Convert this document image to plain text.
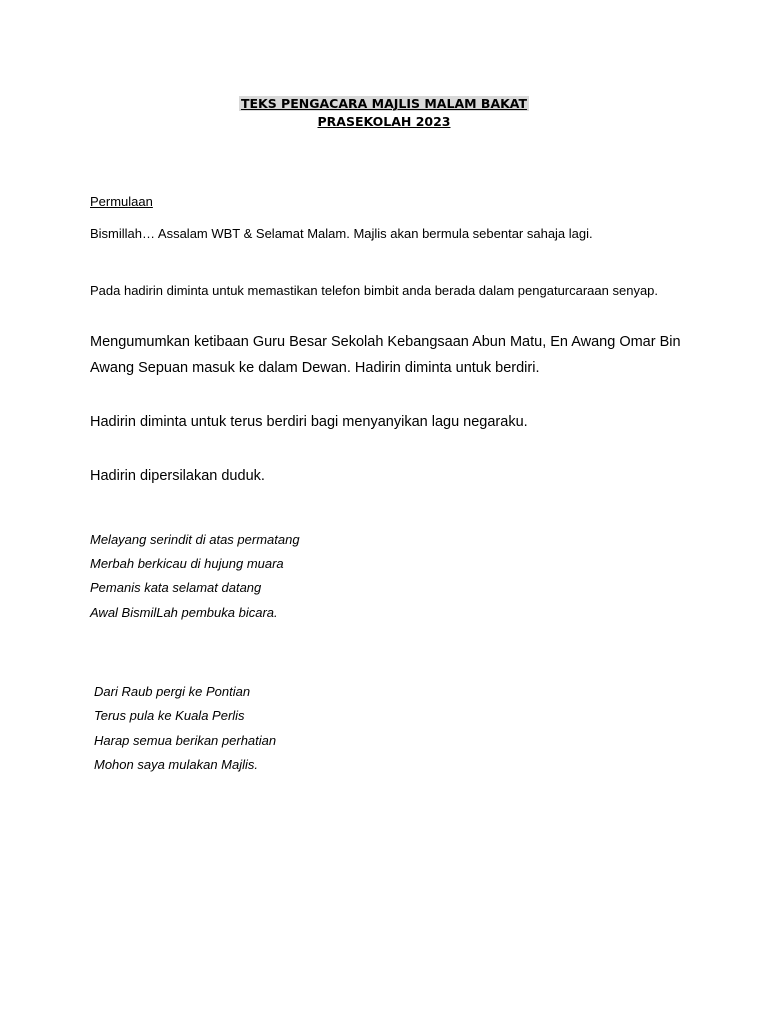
TEKS PENGACARA MAJLIS MALAM BAKAT
PRASEKOLAH 2023
Permulaan
Bismillah… Assalam WBT & Selamat Malam. Majlis akan bermula sebentar sahaja lagi.
Pada hadirin diminta untuk memastikan telefon bimbit anda berada dalam pengaturcaraan senyap.
Mengumumkan ketibaan Guru Besar Sekolah Kebangsaan Abun Matu, En Awang Omar Bin
Awang Sepuan masuk ke dalam Dewan. Hadirin diminta untuk berdiri.
Hadirin diminta untuk terus berdiri bagi menyanyikan lagu negaraku.
Hadirin dipersilakan duduk.
Melayang serindit di atas permatang
Merbah berkicau di hujung muara
Pemanis kata selamat datang
Awal BismilLah pembuka bicara.
Dari Raub pergi ke Pontian
Terus pula ke Kuala Perlis
Harap semua berikan perhatian
Mohon saya mulakan Majlis.
